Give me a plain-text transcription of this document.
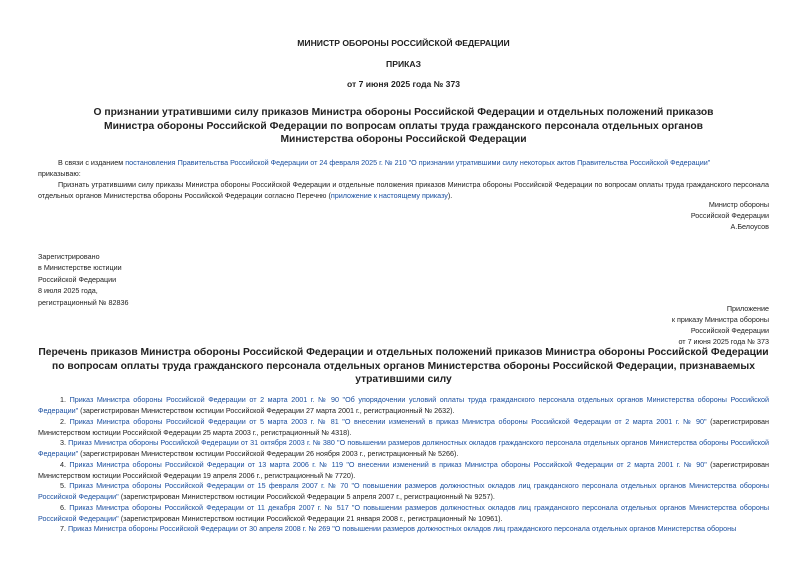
МИНИСТР ОБОРОНЫ РОССИЙСКОЙ ФЕДЕРАЦИИ
ПРИКАЗ
от 7 июня 2025 года № 373
О признании утратившими силу приказов Министра обороны Российской Федерации и отдельных положений приказов Министра обороны Российской Федерации по вопросам оплаты труда гражданского персонала отдельных органов Министерства обороны Российской Федерации
В связи с изданием постановления Правительства Российской Федерации от 24 февраля 2025 г. № 210 "О признании утратившими силу некоторых актов Правительства Российской Федерации"
приказываю:
Признать утратившими силу приказы Министра обороны Российской Федерации и отдельные положения приказов Министра обороны Российской Федерации по вопросам оплаты труда гражданского персонала отдельных органов Министерства обороны Российской Федерации согласно Перечню (приложение к настоящему приказу).
Министр обороны
Российской Федерации
А.Белоусов
Зарегистрировано
в Министерстве юстиции
Российской Федерации
8 июля 2025 года,
регистрационный № 82836
Приложение
к приказу Министра обороны
Российской Федерации
от 7 июня 2025 года № 373
Перечень приказов Министра обороны Российской Федерации и отдельных положений приказов Министра обороны Российской Федерации по вопросам оплаты труда гражданского персонала отдельных органов Министерства обороны Российской Федерации, признаваемых утратившими силу
1. Приказ Министра обороны Российской Федерации от 2 марта 2001 г. № 90 "Об упорядочении условий оплаты труда гражданского персонала отдельных органов Министерства обороны Российской Федерации" (зарегистрирован Министерством юстиции Российской Федерации 27 марта 2001 г., регистрационный № 2632).
2. Приказ Министра обороны Российской Федерации от 5 марта 2003 г. № 81 "О внесении изменений в приказ Министра обороны Российской Федерации от 2 марта 2001 г. № 90" (зарегистрирован Министерством юстиции Российской Федерации 25 марта 2003 г., регистрационный № 4318).
3. Приказ Министра обороны Российской Федерации от 31 октября 2003 г. № 380 "О повышении размеров должностных окладов гражданского персонала отдельных органов Министерства обороны Российской Федерации" (зарегистрирован Министерством юстиции Российской Федерации 26 ноября 2003 г., регистрационный № 5266).
4. Приказ Министра обороны Российской Федерации от 13 марта 2006 г. № 119 "О внесении изменений в приказ Министра обороны Российской Федерации от 2 марта 2001 г. № 90" (зарегистрирован Министерством юстиции Российской Федерации 19 апреля 2006 г., регистрационный № 7720).
5. Приказ Министра обороны Российской Федерации от 15 февраля 2007 г. № 70 "О повышении размеров должностных окладов лиц гражданского персонала отдельных органов Министерства обороны Российской Федерации" (зарегистрирован Министерством юстиции Российской Федерации 5 апреля 2007 г., регистрационный № 9257).
6. Приказ Министра обороны Российской Федерации от 11 декабря 2007 г. № 517 "О повышении размеров должностных окладов лиц гражданского персонала отдельных органов Министерства обороны Российской Федерации" (зарегистрирован Министерством юстиции Российской Федерации 21 января 2008 г., регистрационный № 10961).
7. Приказ Министра обороны Российской Федерации от 30 апреля 2008 г. № 269 "О повышении размеров должностных окладов лиц гражданского персонала отдельных органов Министерства обороны
